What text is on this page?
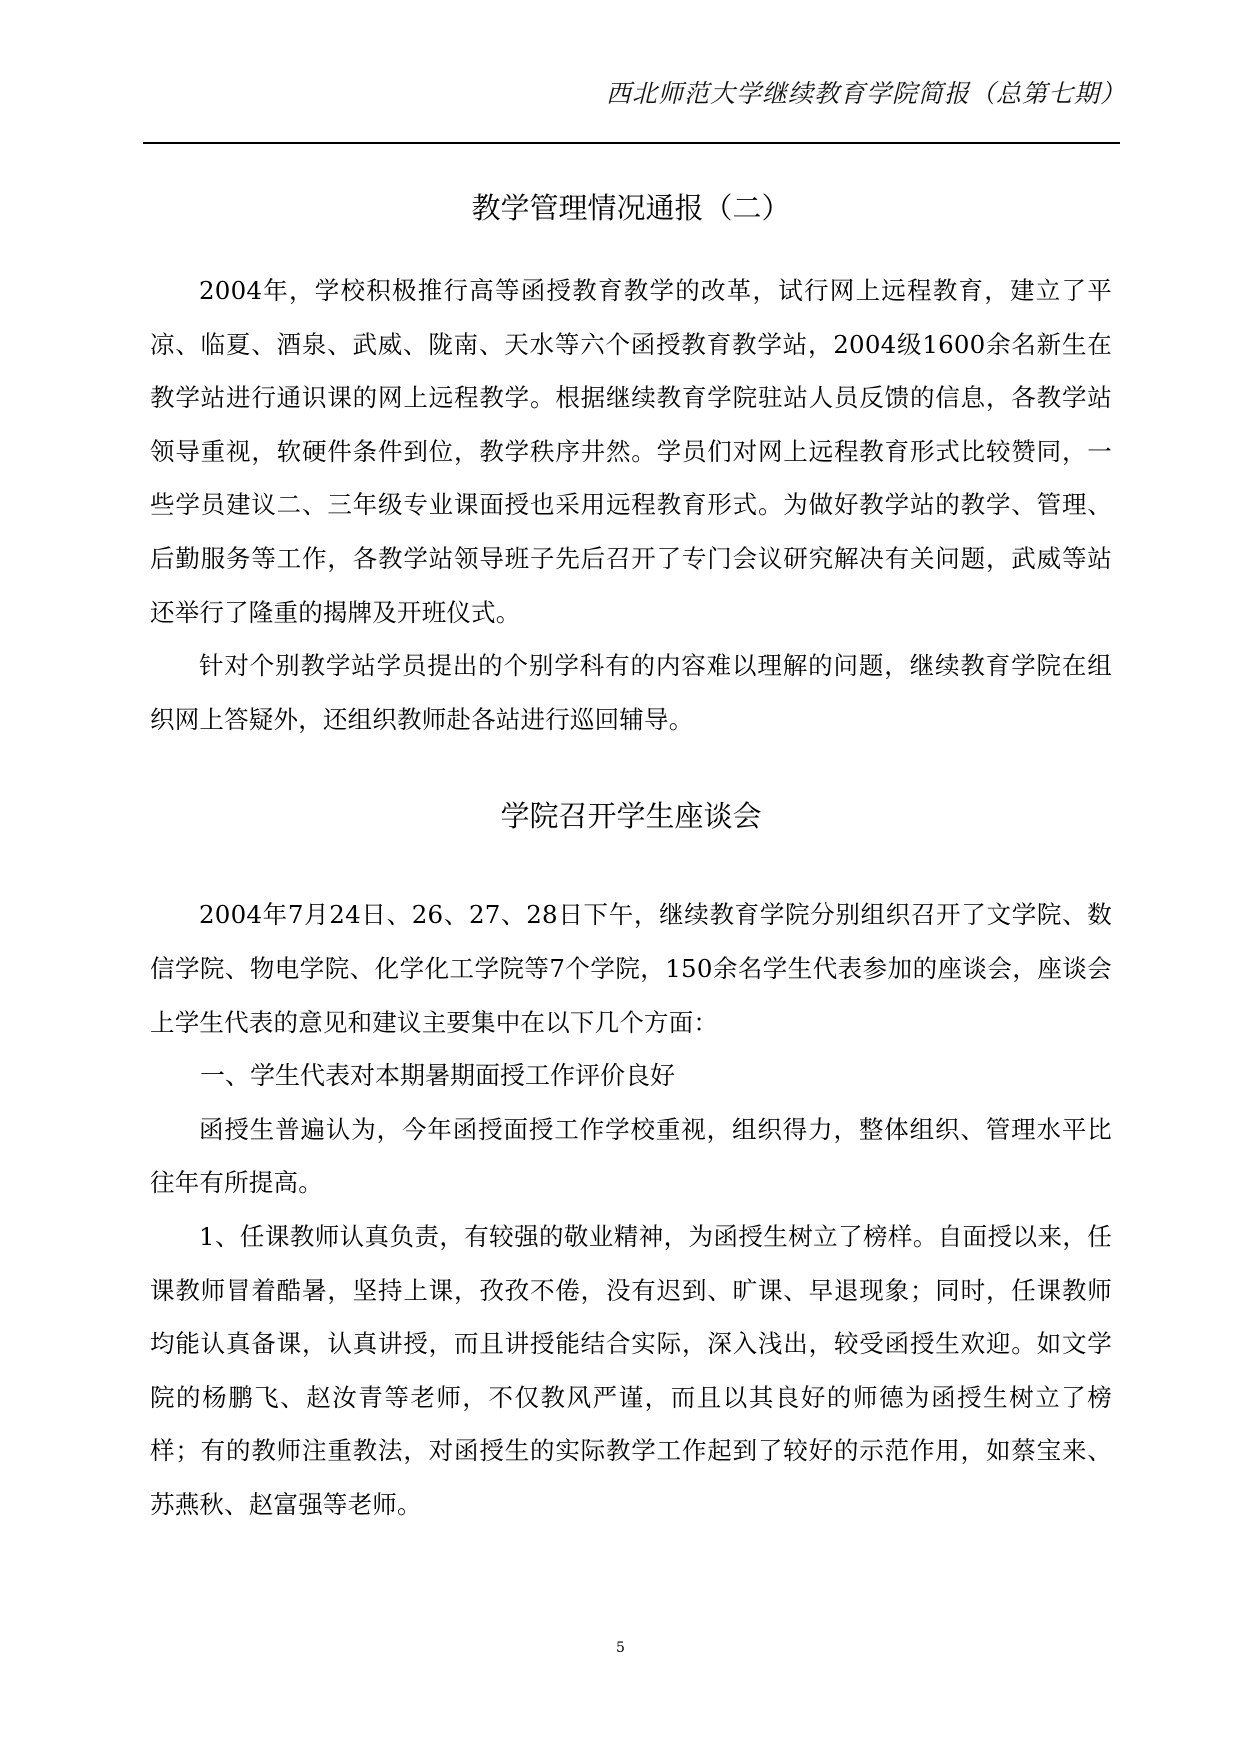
西北师范大学继续教育学院简报（总第七期）
教学管理情况通报（二）

2004年，学校积极推行高等函授教育教学的改革，试行网上远程教育，建立了平凉、临夏、酒泉、武威、陇南、天水等六个函授教育教学站，2004级1600余名新生在教学站进行通识课的网上远程教学。根据继续教育学院驻站人员反馈的信息，各教学站领导重视，软硬件条件到位，教学秩序井然。学员们对网上远程教育形式比较赞同，一些学员建议二、三年级专业课面授也采用远程教育形式。为做好教学站的教学、管理、后勤服务等工作，各教学站领导班子先后召开了专门会议研究解决有关问题，武威等站还举行了隆重的揭牌及开班仪式。

针对个别教学站学员提出的个别学科有的内容难以理解的问题，继续教育学院在组织网上答疑外，还组织教师赴各站进行巡回辅导。

学院召开学生座谈会

2004年7月24日、26、27、28日下午，继续教育学院分别组织召开了文学院、数信学院、物电学院、化学化工学院等7个学院，150余名学生代表参加的座谈会，座谈会上学生代表的意见和建议主要集中在以下几个方面：

一、学生代表对本期暑期面授工作评价良好

函授生普遍认为，今年函授面授工作学校重视，组织得力，整体组织、管理水平比往年有所提高。

1、任课教师认真负责，有较强的敬业精神，为函授生树立了榜样。自面授以来，任课教师冒着酷暑，坚持上课，孜孜不倦，没有迟到、旷课、早退现象；同时，任课教师均能认真备课，认真讲授，而且讲授能结合实际，深入浅出，较受函授生欢迎。如文学院的杨鹏飞、赵汝青等老师，不仅教风严谨，而且以其良好的师德为函授生树立了榜样；有的教师注重教法，对函授生的实际教学工作起到了较好的示范作用，如蔡宝来、苏燕秋、赵富强等老师。

5
